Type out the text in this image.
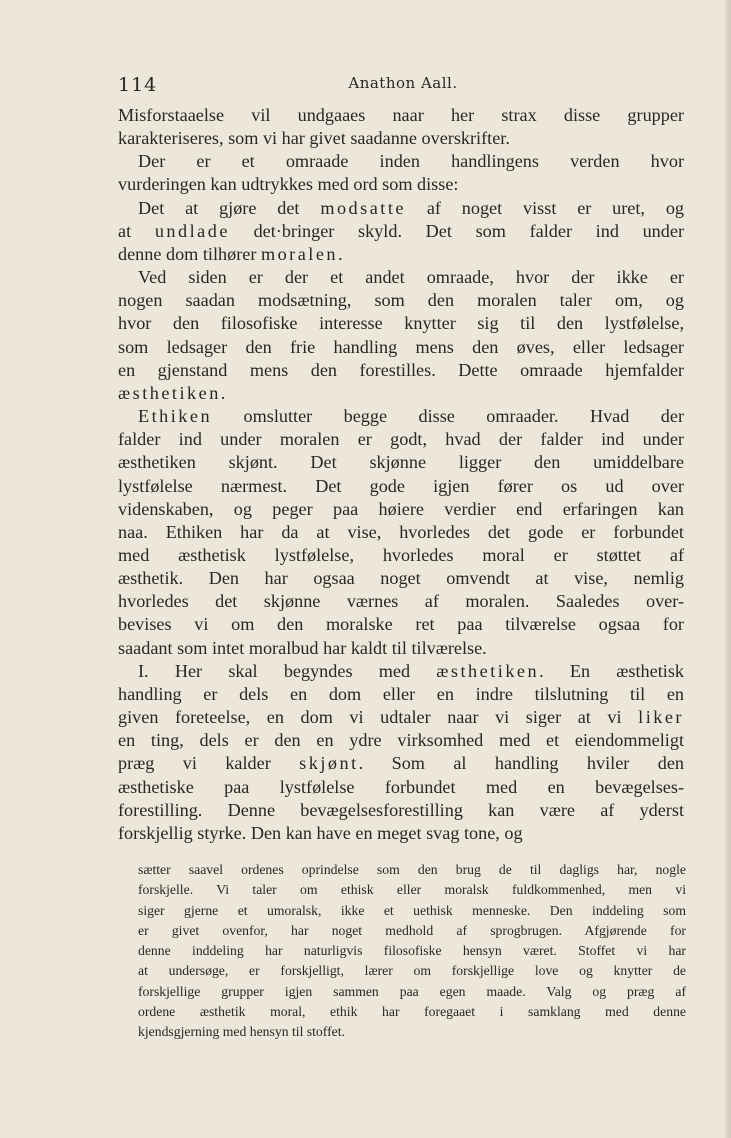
114	Anathon Aall.
Misforstaaelse vil undgaaes naar her strax disse grupper
karakteriseres, som vi har givet saadanne overskrifter.
Der er et omraade inden handlingens verden hvor
vurderingen kan udtrykkes med ord som disse:
Det at gjøre det modsatte af noget visst er uret, og
at undlade det·bringer skyld. Det som falder ind under
denne dom tilhører moralen.
Ved siden er der et andet omraade, hvor der ikke er
nogen saadan modsætning, som den moralen taler om, og
hvor den filosofiske interesse knytter sig til den lystfølelse,
som ledsager den frie handling mens den øves, eller ledsager
en gjenstand mens den forestilles. Dette omraade hjemfalder
æsthetiken.
Ethiken omslutter begge disse omraader. Hvad der
falder ind under moralen er godt, hvad der falder ind under
æsthetiken skjønt. Det skjønne ligger den umiddelbare
lystfølelse nærmest. Det gode igjen fører os ud over
videnskaben, og peger paa høiere verdier end erfaringen kan
naa. Ethiken har da at vise, hvorledes det gode er forbundet
med æsthetisk lystfølelse, hvorledes moral er støttet af
æsthetik. Den har ogsaa noget omvendt at vise, nemlig
hvorledes det skjønne værnes af moralen. Saaledes over-
bevises vi om den moralske ret paa tilværelse ogsaa for
saadant som intet moralbud har kaldt til tilværelse.
I. Her skal begyndes med æsthetiken. En æsthetisk
handling er dels en dom eller en indre tilslutning til en
given foreteelse, en dom vi udtaler naar vi siger at vi liker
en ting, dels er den en ydre virksomhed med et eiendommeligt
præg vi kalder skjønt. Som al handling hviler den
æsthetiske paa lystfølelse forbundet med en bevægelses-
forestilling. Denne bevægelsesforestilling kan være af yderst
forskjellig styrke. Den kan have en meget svag tone, og
sætter saavel ordenes oprindelse som den brug de til dagligs har, nogle
forskjelle. Vi taler om ethisk eller moralsk fuldkommenhed, men vi
siger gjerne et umoralsk, ikke et uethisk menneske. Den inddeling som
er givet ovenfor, har noget medhold af sprogbrugen. Afgjørende for
denne inddeling har naturligvis filosofiske hensyn været. Stoffet vi har
at undersøge, er forskjelligt, lærer om forskjellige love og knytter de
forskjellige grupper igjen sammen paa egen maade. Valg og præg af
ordene æsthetik moral, ethik har foregaaet i samklang med denne
kjendsgjerning med hensyn til stoffet.
